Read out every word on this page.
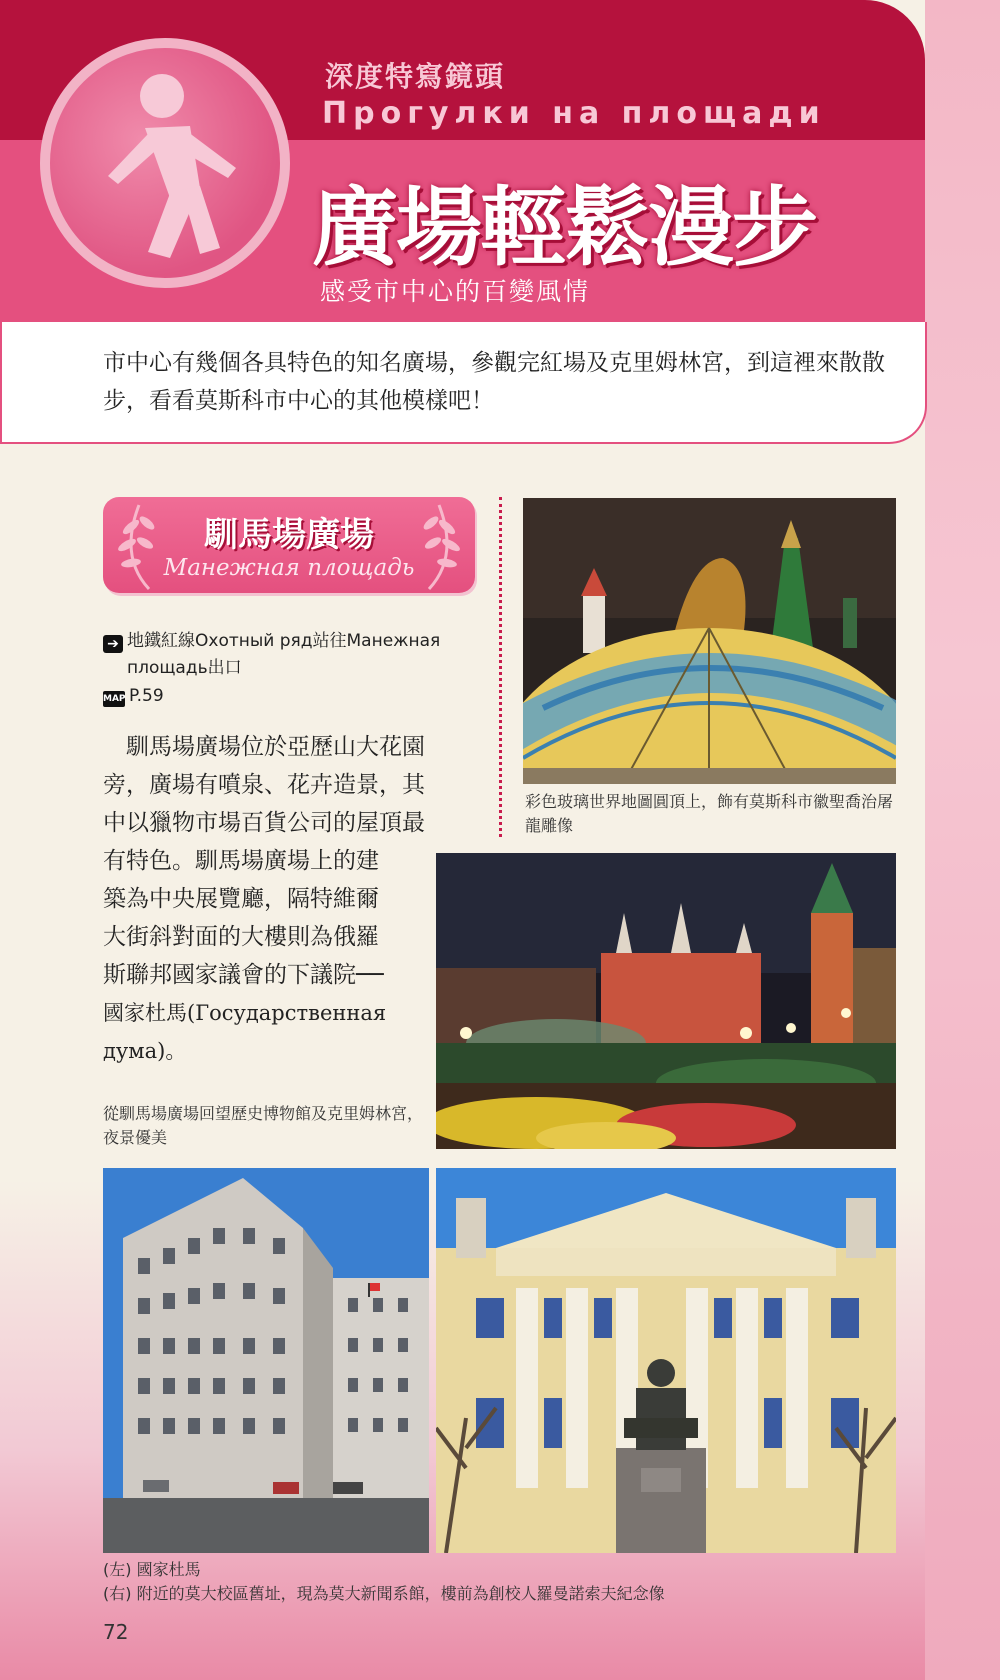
深度特寫鏡頭
Прогулки на площади
廣場輕鬆漫步
感受市中心的百變風情
市中心有幾個各具特色的知名廣場，參觀完紅場及克里姆林宮，到這裡來散散步，看看莫斯科市中心的其他模樣吧！
馴馬場廣場
Манежная площадь
➔ 地鐵紅線Охотный ряд站往Манежная
площадь出口
MAP P.59
　馴馬場廣場位於亞歷山大花園
旁，廣場有噴泉、花卉造景，其
中以獵物市場百貨公司的屋頂最
有特色。馴馬場廣場上的建
築為中央展覽廳，隔特維爾
大街斜對面的大樓則為俄羅
斯聯邦國家議會的下議院──
國家杜馬(Государственная
дума)。
彩色玻璃世界地圖圓頂上，飾有莫斯科市徽聖喬治屠龍雕像
從馴馬場廣場回望歷史博物館及克里姆林宮，夜景優美
(左) 國家杜馬
(右) 附近的莫大校區舊址，現為莫大新聞系館，樓前為創校人羅曼諾索夫紀念像
72
